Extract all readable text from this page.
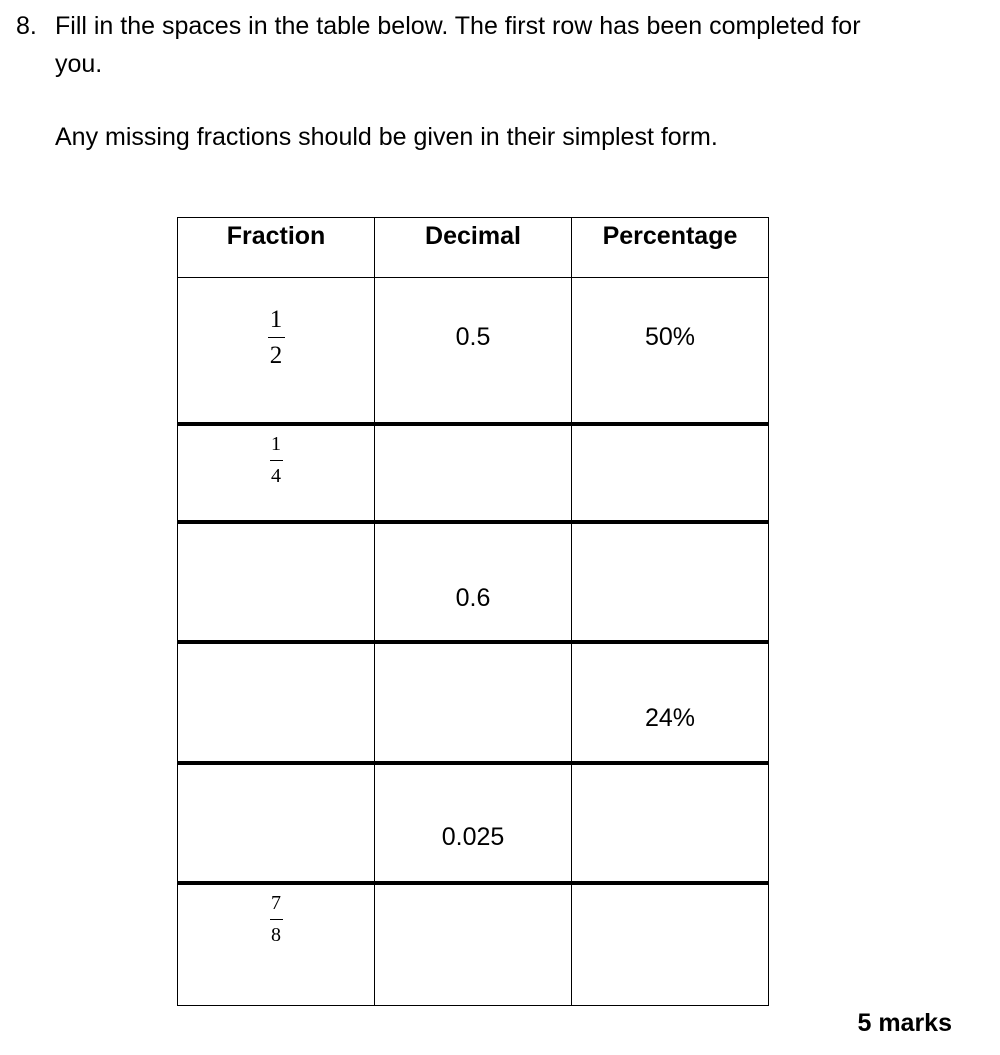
8. Fill in the spaces in the table below. The first row has been completed for
you.
Any missing fractions should be given in their simplest form.
Fraction	Decimal	Percentage

$\frac{1}{2}$	0.5	50%

$\frac{1}{4}$

	0.6	

		24%

	0.025	

$\frac{7}{8}$

5 marks
